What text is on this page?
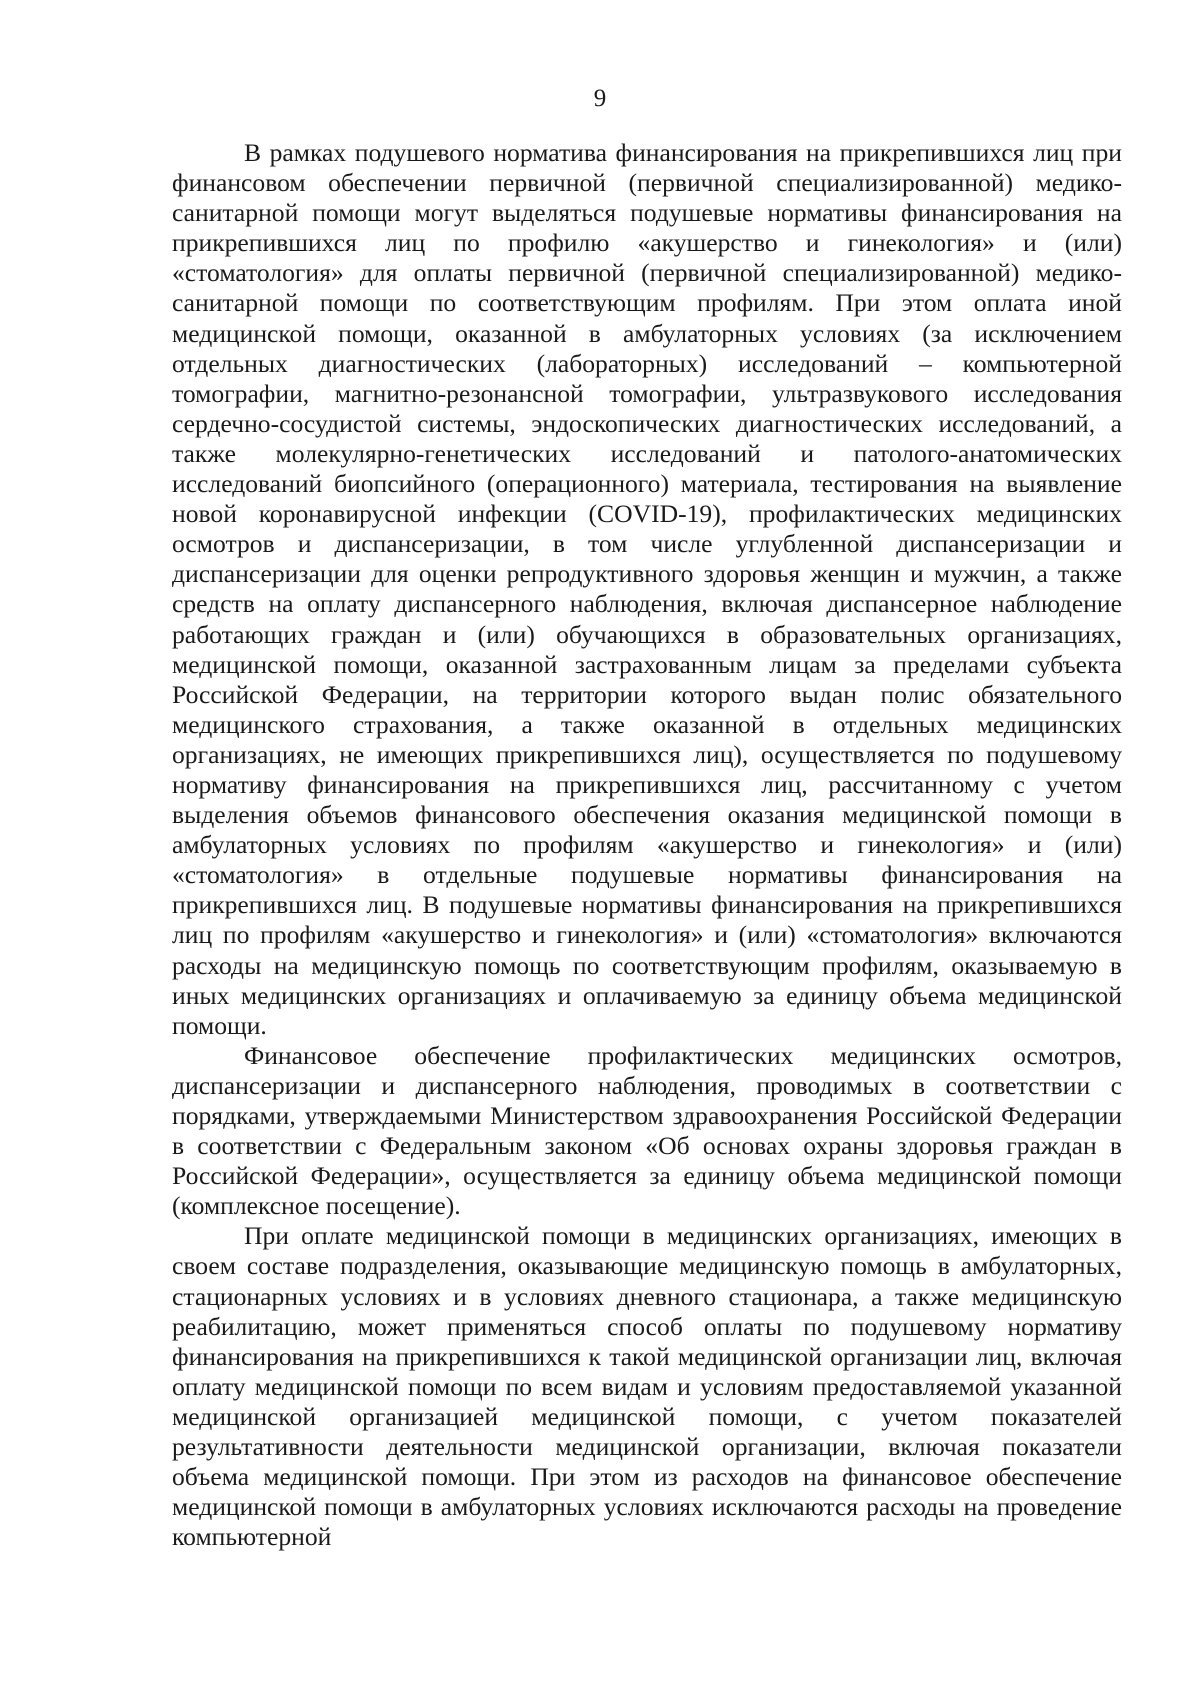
9

В рамках подушевого норматива финансирования на прикрепившихся лиц при финансовом обеспечении первичной (первичной специализированной) медико-санитарной помощи могут выделяться подушевые нормативы финансирования на прикрепившихся лиц по профилю «акушерство и гинекология» и (или) «стоматология» для оплаты первичной (первичной специализированной) медико-санитарной помощи по соответствующим профилям. При этом оплата иной медицинской помощи, оказанной в амбулаторных условиях (за исключением отдельных диагностических (лабораторных) исследований – компьютерной томографии, магнитно-резонансной томографии, ультразвукового исследования сердечно-сосудистой системы, эндоскопических диагностических исследований, а также молекулярно-генетических исследований и патолого-анатомических исследований биопсийного (операционного) материала, тестирования на выявление новой коронавирусной инфекции (COVID-19), профилактических медицинских осмотров и диспансеризации, в том числе углубленной диспансеризации и диспансеризации для оценки репродуктивного здоровья женщин и мужчин, а также средств на оплату диспансерного наблюдения, включая диспансерное наблюдение работающих граждан и (или) обучающихся в образовательных организациях, медицинской помощи, оказанной застрахованным лицам за пределами субъекта Российской Федерации, на территории которого выдан полис обязательного медицинского страхования, а также оказанной в отдельных медицинских организациях, не имеющих прикрепившихся лиц), осуществляется по подушевому нормативу финансирования на прикрепившихся лиц, рассчитанному с учетом выделения объемов финансового обеспечения оказания медицинской помощи в амбулаторных условиях по профилям «акушерство и гинекология» и (или) «стоматология» в отдельные подушевые нормативы финансирования на прикрепившихся лиц. В подушевые нормативы финансирования на прикрепившихся лиц по профилям «акушерство и гинекология» и (или) «стоматология» включаются расходы на медицинскую помощь по соответствующим профилям, оказываемую в иных медицинских организациях и оплачиваемую за единицу объема медицинской помощи.

Финансовое обеспечение профилактических медицинских осмотров, диспансеризации и диспансерного наблюдения, проводимых в соответствии с порядками, утверждаемыми Министерством здравоохранения Российской Федерации в соответствии с Федеральным законом «Об основах охраны здоровья граждан в Российской Федерации», осуществляется за единицу объема медицинской помощи (комплексное посещение).

При оплате медицинской помощи в медицинских организациях, имеющих в своем составе подразделения, оказывающие медицинскую помощь в амбулаторных, стационарных условиях и в условиях дневного стационара, а также медицинскую реабилитацию, может применяться способ оплаты по подушевому нормативу финансирования на прикрепившихся к такой медицинской организации лиц, включая оплату медицинской помощи по всем видам и условиям предоставляемой указанной медицинской организацией медицинской помощи, с учетом показателей результативности деятельности медицинской организации, включая показатели объема медицинской помощи. При этом из расходов на финансовое обеспечение медицинской помощи в амбулаторных условиях исключаются расходы на проведение компьютерной
